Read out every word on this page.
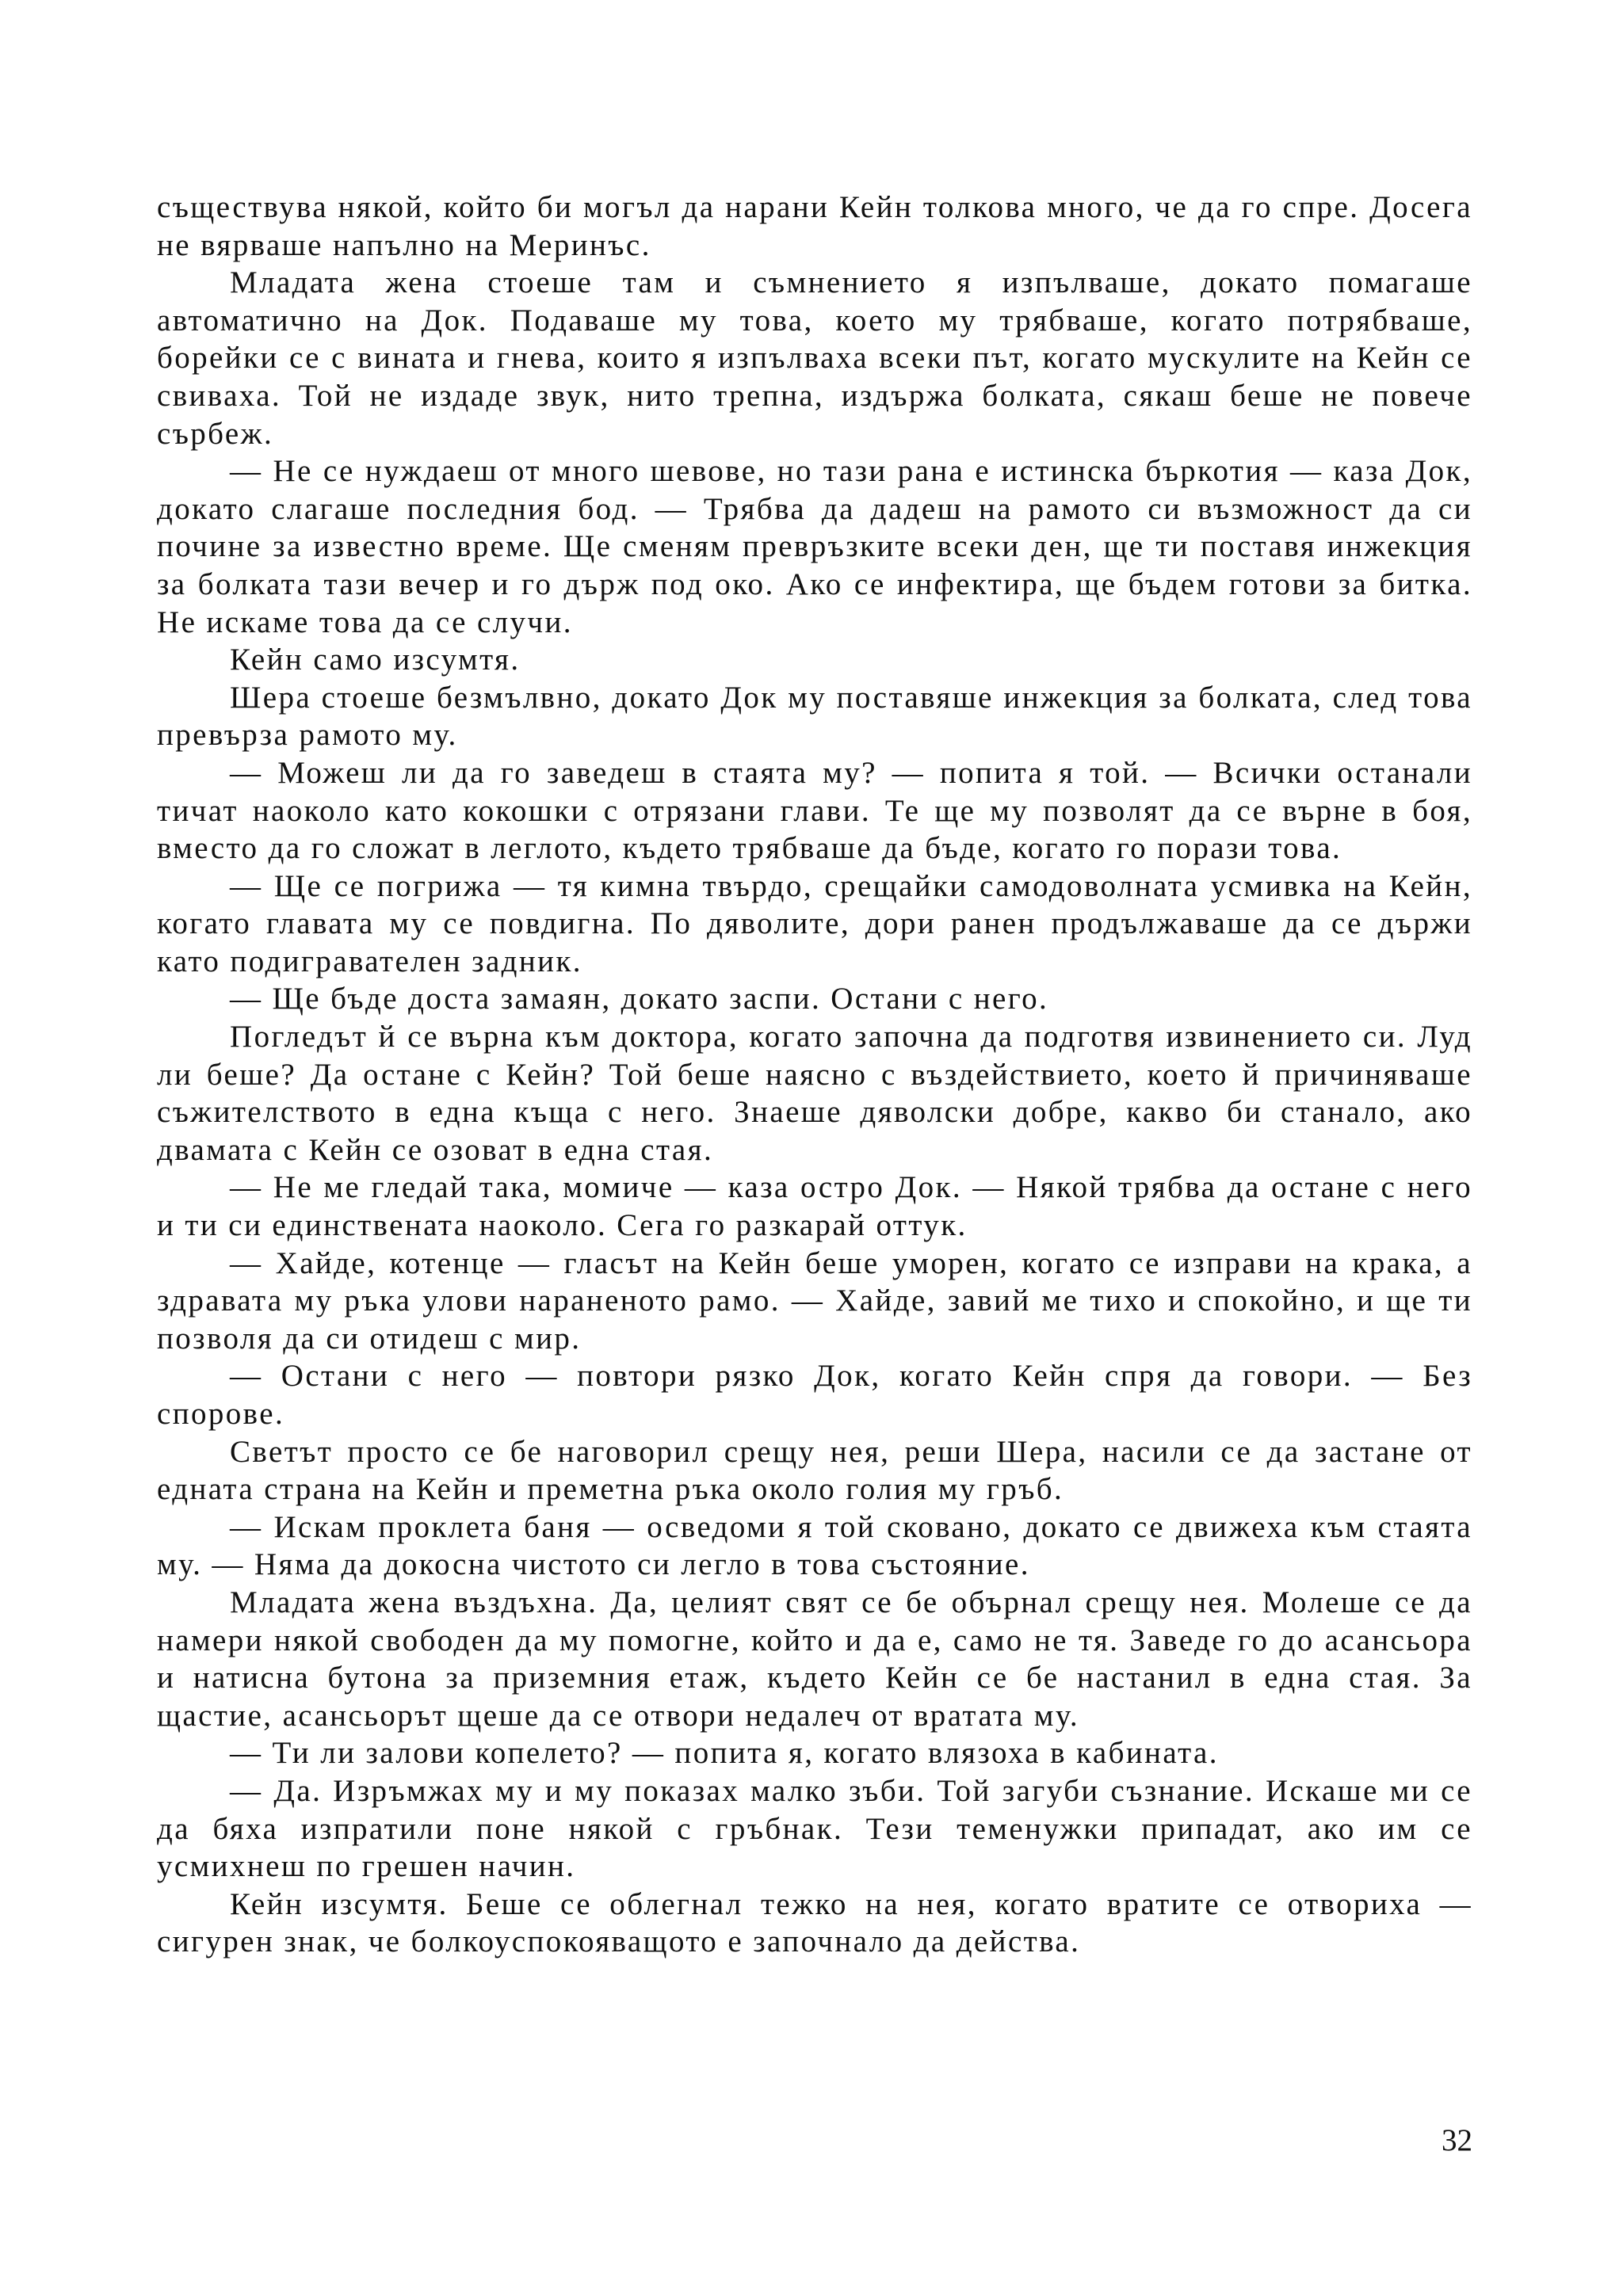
съществува някой, който би могъл да нарани Кейн толкова много, че да го спре. Досега не вярваше напълно на Меринъс.

Младата жена стоеше там и съмнението я изпълваше, докато помагаше автоматично на Док. Подаваше му това, което му трябваше, когато потрябваше, борейки се с вината и гнева, които я изпълваха всеки път, когато мускулите на Кейн се свиваха. Той не издаде звук, нито трепна, издържа болката, сякаш беше не повече сърбеж.

— Не се нуждаеш от много шевове, но тази рана е истинска бъркотия — каза Док, докато слагаше последния бод. — Трябва да дадеш на рамото си възможност да си почине за известно време. Ще сменям превръзките всеки ден, ще ти поставя инжекция за болката тази вечер и го държ под око. Ако се инфектира, ще бъдем готови за битка. Не искаме това да се случи.

Кейн само изсумтя.

Шера стоеше безмълвно, докато Док му поставяше инжекция за болката, след това превърза рамото му.

— Можеш ли да го заведеш в стаята му? — попита я той. — Всички останали тичат наоколо като кокошки с отрязани глави. Те ще му позволят да се върне в боя, вместо да го сложат в леглото, където трябваше да бъде, когато го порази това.

— Ще се погрижа — тя кимна твърдо, срещайки самодоволната усмивка на Кейн, когато главата му се повдигна. По дяволите, дори ранен продължаваше да се държи като подигравателен задник.

— Ще бъде доста замаян, докато заспи. Остани с него.

Погледът й се върна към доктора, когато започна да подготвя извинението си. Луд ли беше? Да остане с Кейн? Той беше наясно с въздействието, което й причиняваше съжителството в една къща с него. Знаеше дяволски добре, какво би станало, ако двамата с Кейн се озоват в една стая.

— Не ме гледай така, момиче — каза остро Док. — Някой трябва да остане с него и ти си единствената наоколо. Сега го разкарай оттук.

— Хайде, котенце — гласът на Кейн беше уморен, когато се изправи на крака, а здравата му ръка улови наранeното рамо. — Хайде, завий ме тихо и спокойно, и ще ти позволя да си отидеш с мир.

— Остани с него — повтори рязко Док, когато Кейн спря да говори. — Без спорове.

Светът просто се бе наговорил срещу нея, реши Шера, насили се да застане от едната страна на Кейн и преметна ръка около голия му гръб.

— Искам проклета баня — осведоми я той сковано, докато се движеха към стаята му. — Няма да докосна чистото си легло в това състояние.

Младата жена въздъхна. Да, целият свят се бе обърнал срещу нея. Молеше се да намери някой свободен да му помогне, който и да е, само не тя. Заведе го до асансьора и натисна бутона за приземния етаж, където Кейн се бе настанил в една стая. За щастие, асансьорът щеше да се отвори недалеч от вратата му.

— Ти ли залови копелето? — попита я, когато влязоха в кабината.

— Да. Изръмжах му и му показах малко зъби. Той загуби съзнание. Искаше ми се да бяха изпратили поне някой с гръбнак. Тези теменужки припадат, ако им се усмихнеш по грешен начин.

Кейн изсумтя. Беше се облегнал тежко на нея, когато вратите се отвориха — сигурен знак, че болкоуспокояващото е започнало да действа.

32
